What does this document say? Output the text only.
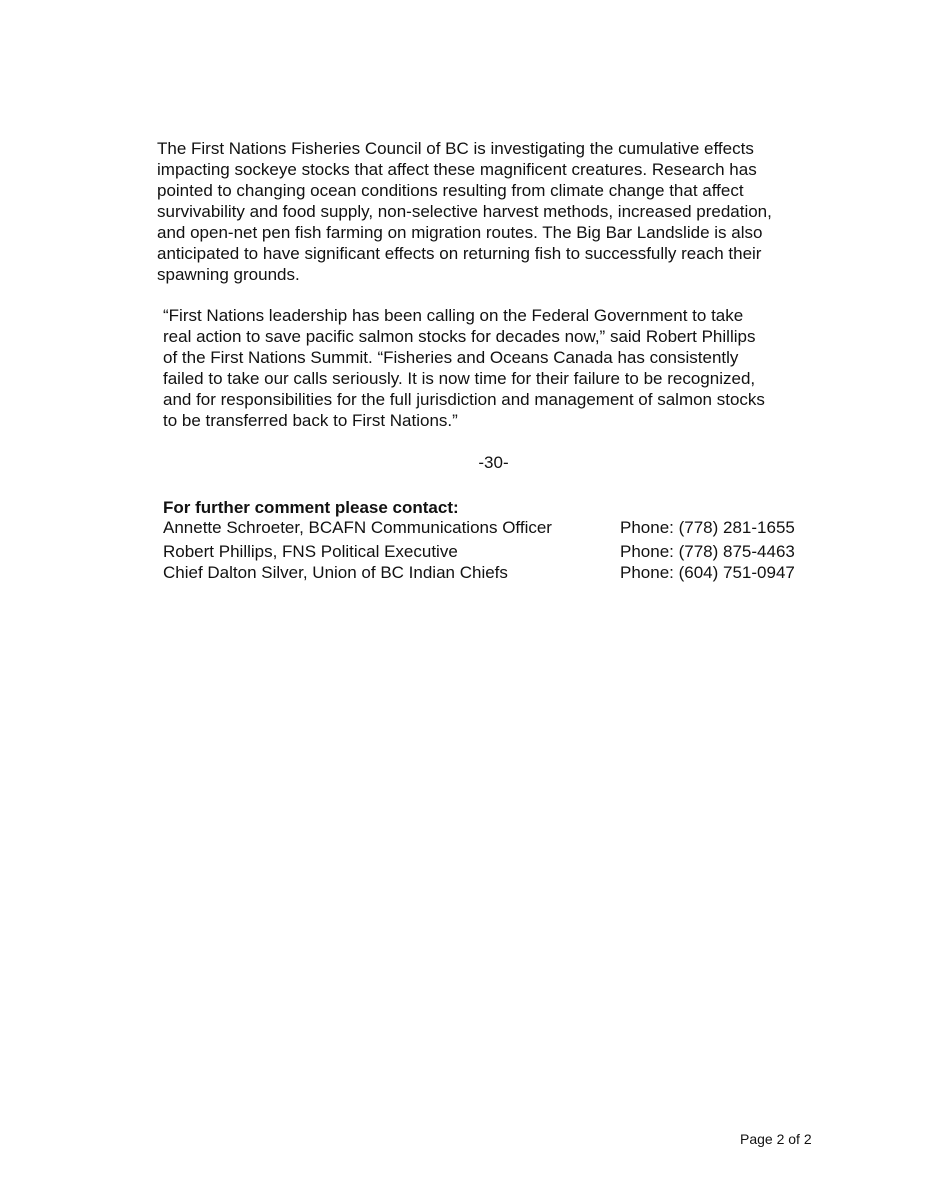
The First Nations Fisheries Council of BC is investigating the cumulative effects
impacting sockeye stocks that affect these magnificent creatures. Research has
pointed to changing ocean conditions resulting from climate change that affect
survivability and food supply, non-selective harvest methods, increased predation,
and open-net pen fish farming on migration routes. The Big Bar Landslide is also
anticipated to have significant effects on returning fish to successfully reach their
spawning grounds.
“First Nations leadership has been calling on the Federal Government to take
real action to save pacific salmon stocks for decades now,” said Robert Phillips
of the First Nations Summit. “Fisheries and Oceans Canada has consistently
failed to take our calls seriously. It is now time for their failure to be recognized,
and for responsibilities for the full jurisdiction and management of salmon stocks
to be transferred back to First Nations.”
-30-
For further comment please contact:
Annette Schroeter, BCAFN Communications Officer	Phone: (778) 281-1655
Robert Phillips, FNS Political Executive	Phone: (778) 875-4463
Chief Dalton Silver, Union of BC Indian Chiefs	Phone: (604) 751-0947
Page 2 of 2
